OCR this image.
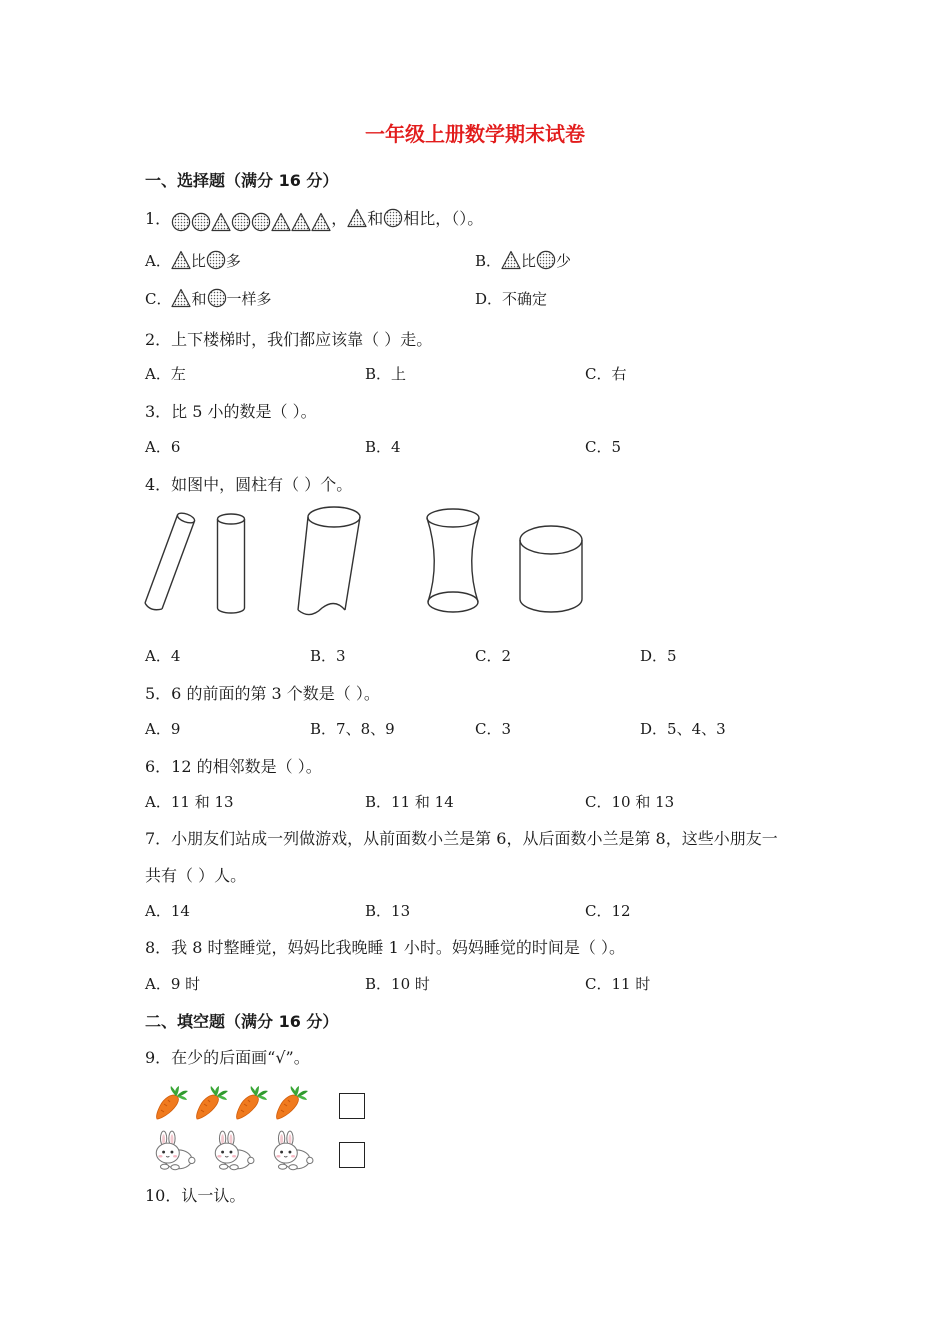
一年级上册数学期末试卷
一、选择题（满分 16 分）
1．	， 和 相比，（）。
A． 比 多	B． 比 少
C． 和 一样多	D．不确定
2．上下楼梯时，我们都应该靠（ ）走。
A．左	B．上	C．右
3．比 5 小的数是（ ）。
A．6	B．4	C．5
4．如图中，圆柱有（ ）个。
A．4	B．3	C．2	D．5
5．6 的前面的第 3 个数是（ ）。
A．9	B．7、8、9	C．3	D．5、4、3
6．12 的相邻数是（ ）。
A．11 和 13	B．11 和 14	C．10 和 13
7．小朋友们站成一列做游戏，从前面数小兰是第 6，从后面数小兰是第 8，这些小朋友一
共有（ ）人。
A．14	B．13	C．12
8．我 8 时整睡觉，妈妈比我晚睡 1 小时。妈妈睡觉的时间是（ ）。
A．9 时	B．10 时	C．11 时
二、填空题（满分 16 分）
9．在少的后面画“√”。
10．认一认。
